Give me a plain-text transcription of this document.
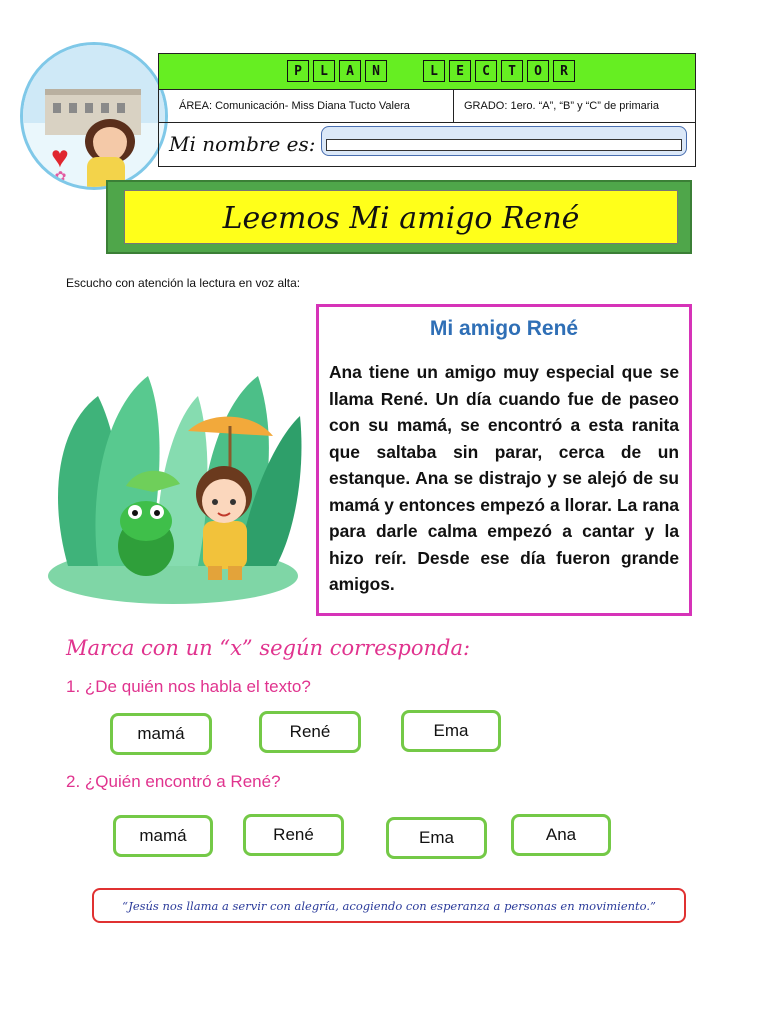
♥
✿ ✿
P	L	A	N	L	E	C	T	O	R
ÁREA: Comunicación- Miss Diana Tucto Valera	GRADO: 1ero. “A”, “B” y “C” de primaria
Mi nombre es:
Leemos Mi amigo René
Escucho con atención la lectura en voz alta:
Mi amigo René
Ana tiene un amigo muy especial que se llama René. Un día cuando fue de paseo con su mamá, se encontró a esta ranita que saltaba sin parar, cerca de un estanque. Ana se distrajo y se alejó de su mamá y entonces empezó a llorar. La rana para darle calma empezó a cantar y la hizo reír. Desde ese día fueron grande amigos.
Marca con un “x” según corresponda:
1. ¿De quién nos habla el texto?
mamá	René	Ema
2. ¿Quién encontró a René?
mamá	René	Ema	Ana
“Jesús nos llama a servir con alegría, acogiendo con esperanza a personas en movimiento.”
